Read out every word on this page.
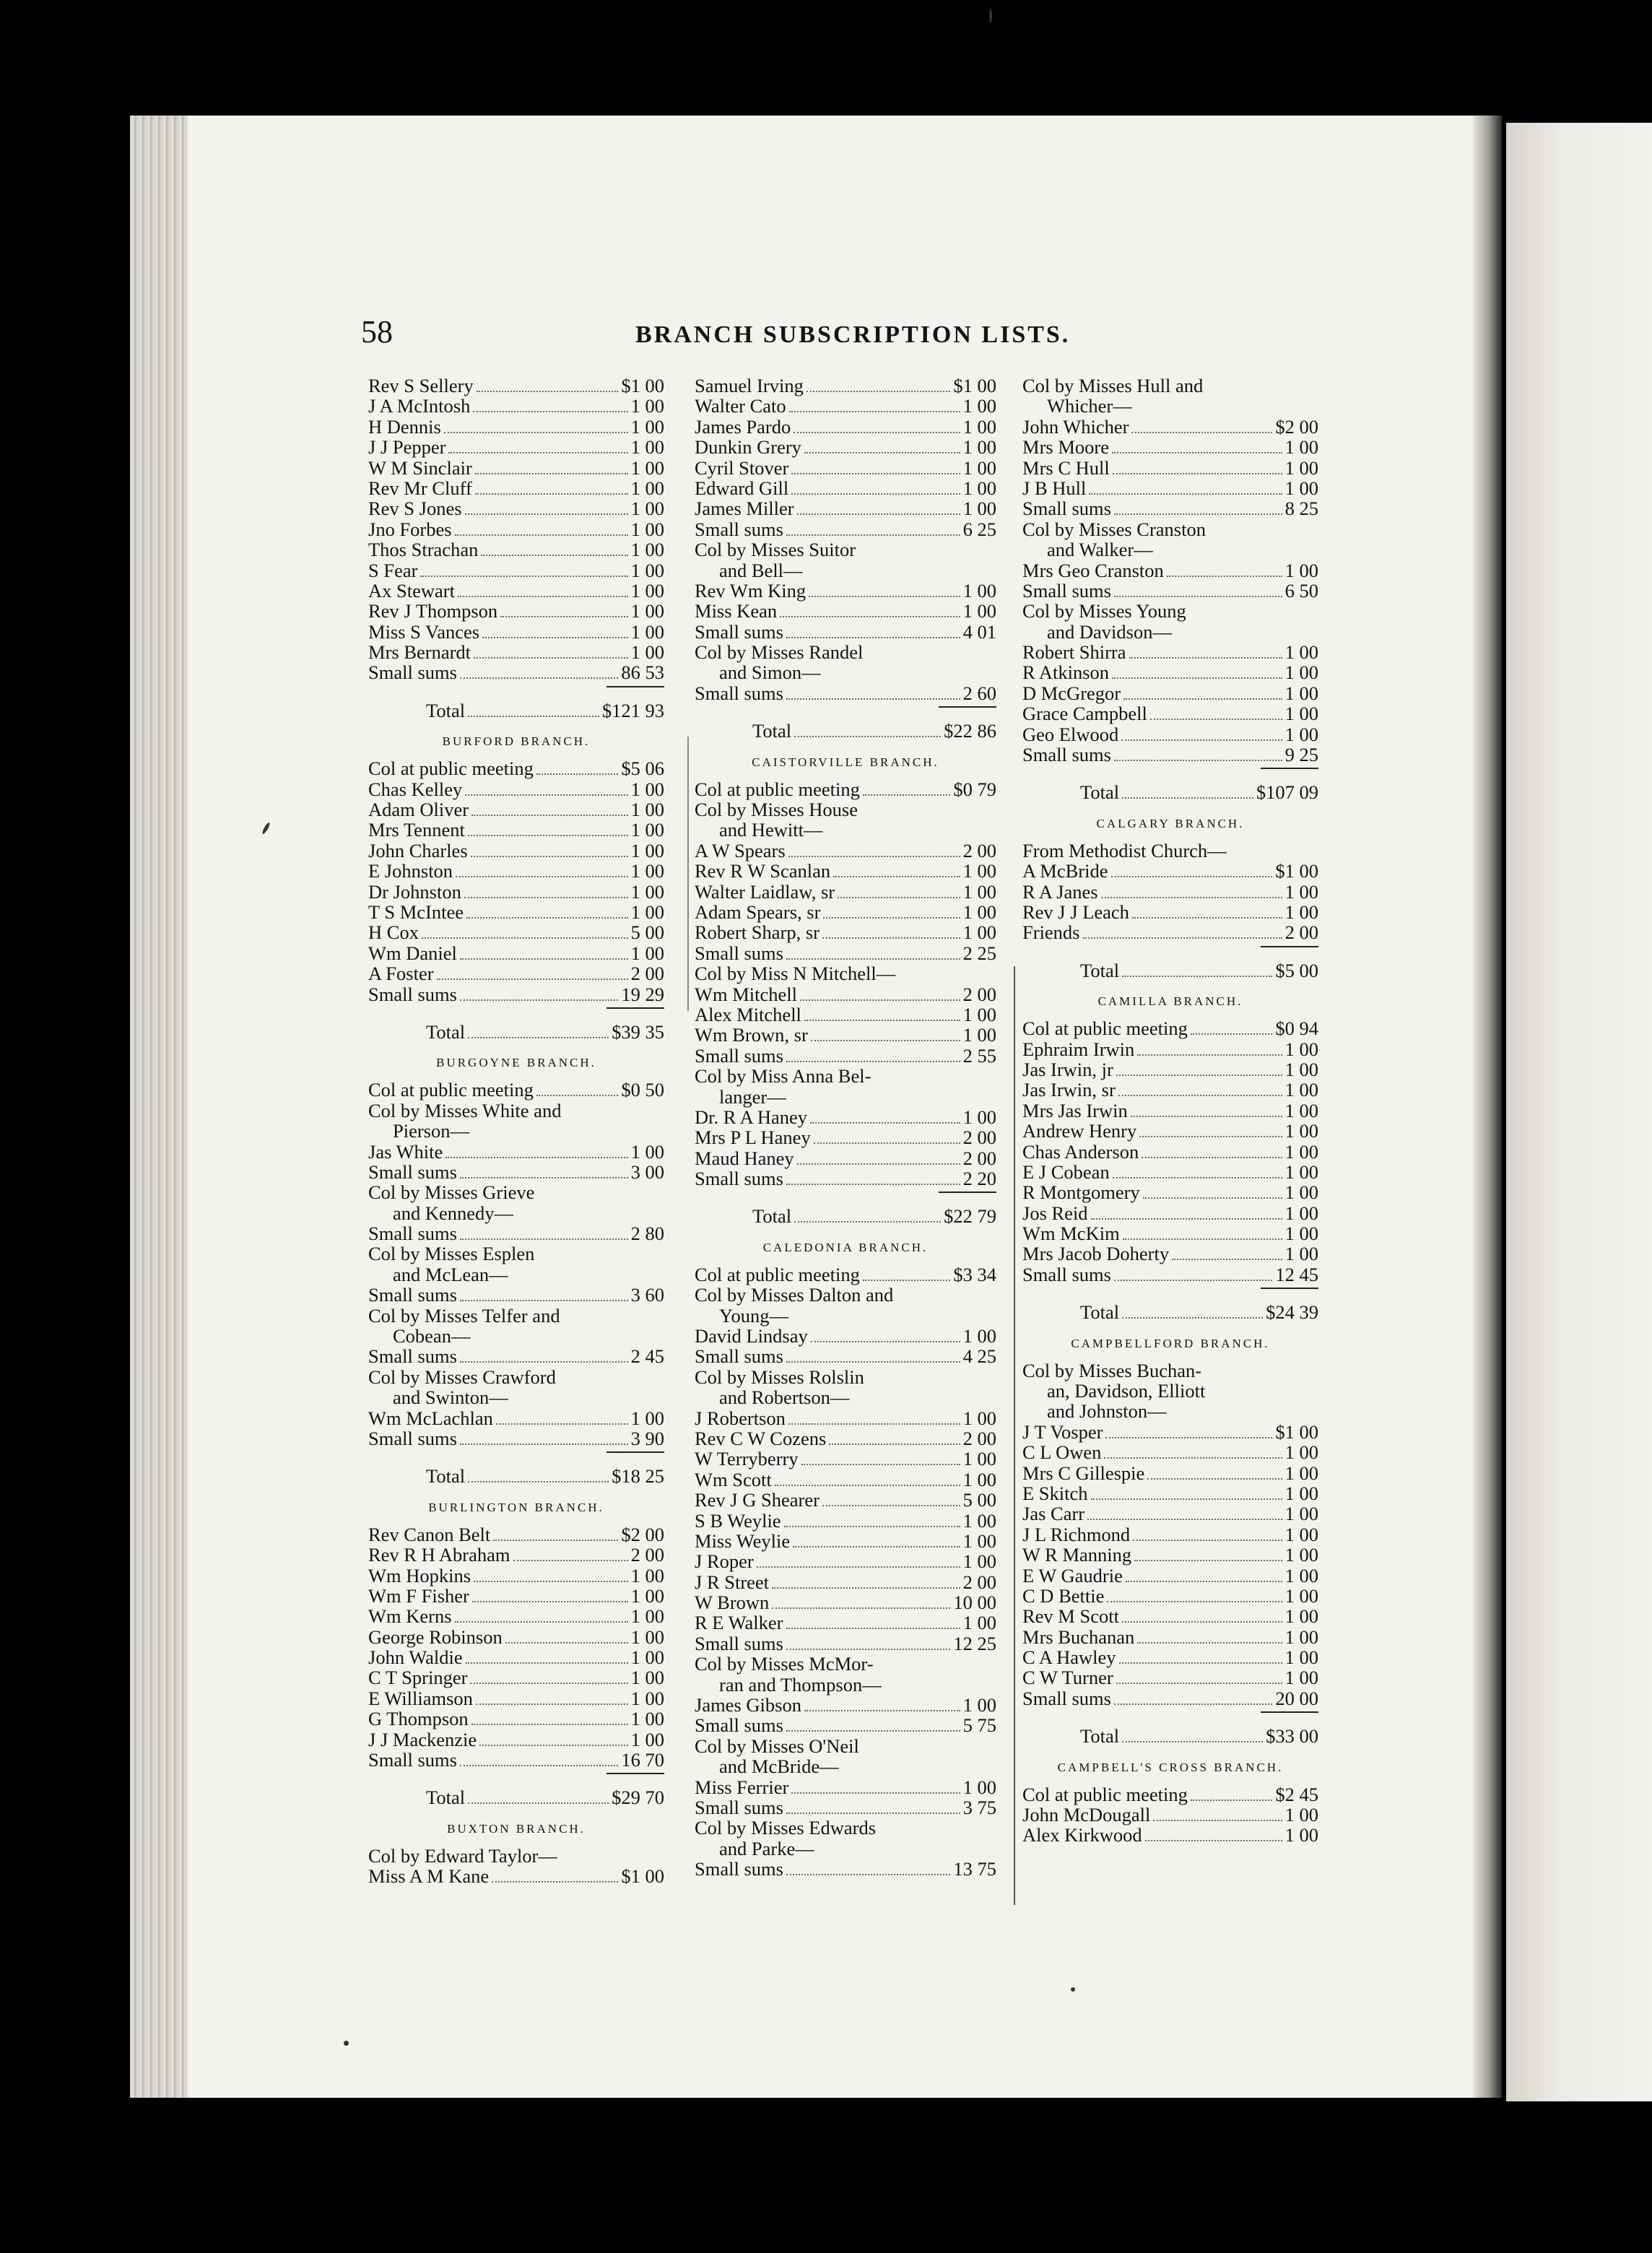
58	BRANCH SUBSCRIPTION LISTS.
Rev S Sellery	$1 00
J A McIntosh	1 00
H Dennis	1 00
J J Pepper	1 00
W M Sinclair	1 00
Rev Mr Cluff	1 00
Rev S Jones	1 00
Jno Forbes	1 00
Thos Strachan	1 00
S Fear	1 00
Ax Stewart	1 00
Rev J Thompson	1 00
Miss S Vances	1 00
Mrs Bernardt	1 00
Small sums	86 53
Total	$121 93
BURFORD BRANCH.
Col at public meeting	$5 06
Chas Kelley	1 00
Adam Oliver	1 00
Mrs Tennent	1 00
John Charles	1 00
E Johnston	1 00
Dr Johnston	1 00
T S McIntee	1 00
H Cox	5 00
Wm Daniel	1 00
A Foster	2 00
Small sums	19 29
Total	$39 35
BURGOYNE BRANCH.
Col at public meeting	$0 50
Col by Misses White and
Pierson—
Jas White	1 00
Small sums	3 00
Col by Misses Grieve
and Kennedy—
Small sums	2 80
Col by Misses Esplen
and McLean—
Small sums	3 60
Col by Misses Telfer and
Cobean—
Small sums	2 45
Col by Misses Crawford
and Swinton—
Wm McLachlan	1 00
Small sums	3 90
Total	$18 25
BURLINGTON BRANCH.
Rev Canon Belt	$2 00
Rev R H Abraham	2 00
Wm Hopkins	1 00
Wm F Fisher	1 00
Wm Kerns	1 00
George Robinson	1 00
John Waldie	1 00
C T Springer	1 00
E Williamson	1 00
G Thompson	1 00
J J Mackenzie	1 00
Small sums	16 70
Total	$29 70
BUXTON BRANCH.
Col by Edward Taylor—
Miss A M Kane	$1 00
Samuel Irving	$1 00
Walter Cato	1 00
James Pardo	1 00
Dunkin Grery	1 00
Cyril Stover	1 00
Edward Gill	1 00
James Miller	1 00
Small sums	6 25
Col by Misses Suitor
and Bell—
Rev Wm King	1 00
Miss Kean	1 00
Small sums	4 01
Col by Misses Randel
and Simon—
Small sums	2 60
Total	$22 86
CAISTORVILLE BRANCH.
Col at public meeting	$0 79
Col by Misses House
and Hewitt—
A W Spears	2 00
Rev R W Scanlan	1 00
Walter Laidlaw, sr	1 00
Adam Spears, sr	1 00
Robert Sharp, sr	1 00
Small sums	2 25
Col by Miss N Mitchell—
Wm Mitchell	2 00
Alex Mitchell	1 00
Wm Brown, sr	1 00
Small sums	2 55
Col by Miss Anna Bel-
langer—
Dr. R A Haney	1 00
Mrs P L Haney	2 00
Maud Haney	2 00
Small sums	2 20
Total	$22 79
CALEDONIA BRANCH.
Col at public meeting	$3 34
Col by Misses Dalton and
Young—
David Lindsay	1 00
Small sums	4 25
Col by Misses Rolslin
and Robertson—
J Robertson	1 00
Rev C W Cozens	2 00
W Terryberry	1 00
Wm Scott	1 00
Rev J G Shearer	5 00
S B Weylie	1 00
Miss Weylie	1 00
J Roper	1 00
J R Street	2 00
W Brown	10 00
R E Walker	1 00
Small sums	12 25
Col by Misses McMor-
ran and Thompson—
James Gibson	1 00
Small sums	5 75
Col by Misses O'Neil
and McBride—
Miss Ferrier	1 00
Small sums	3 75
Col by Misses Edwards
and Parke—
Small sums	13 75
Col by Misses Hull and
Whicher—
John Whicher	$2 00
Mrs Moore	1 00
Mrs C Hull	1 00
J B Hull	1 00
Small sums	8 25
Col by Misses Cranston
and Walker—
Mrs Geo Cranston	1 00
Small sums	6 50
Col by Misses Young
and Davidson—
Robert Shirra	1 00
R Atkinson	1 00
D McGregor	1 00
Grace Campbell	1 00
Geo Elwood	1 00
Small sums	9 25
Total	$107 09
CALGARY BRANCH.
From Methodist Church—
A McBride	$1 00
R A Janes	1 00
Rev J J Leach	1 00
Friends	2 00
Total	$5 00
CAMILLA BRANCH.
Col at public meeting	$0 94
Ephraim Irwin	1 00
Jas Irwin, jr	1 00
Jas Irwin, sr	1 00
Mrs Jas Irwin	1 00
Andrew Henry	1 00
Chas Anderson	1 00
E J Cobean	1 00
R Montgomery	1 00
Jos Reid	1 00
Wm McKim	1 00
Mrs Jacob Doherty	1 00
Small sums	12 45
Total	$24 39
CAMPBELLFORD BRANCH.
Col by Misses Buchan-
an, Davidson, Elliott
and Johnston—
J T Vosper	$1 00
C L Owen	1 00
Mrs C Gillespie	1 00
E Skitch	1 00
Jas Carr	1 00
J L Richmond	1 00
W R Manning	1 00
E W Gaudrie	1 00
C D Bettie	1 00
Rev M Scott	1 00
Mrs Buchanan	1 00
C A Hawley	1 00
C W Turner	1 00
Small sums	20 00
Total	$33 00
CAMPBELL'S CROSS BRANCH.
Col at public meeting	$2 45
John McDougall	1 00
Alex Kirkwood	1 00
